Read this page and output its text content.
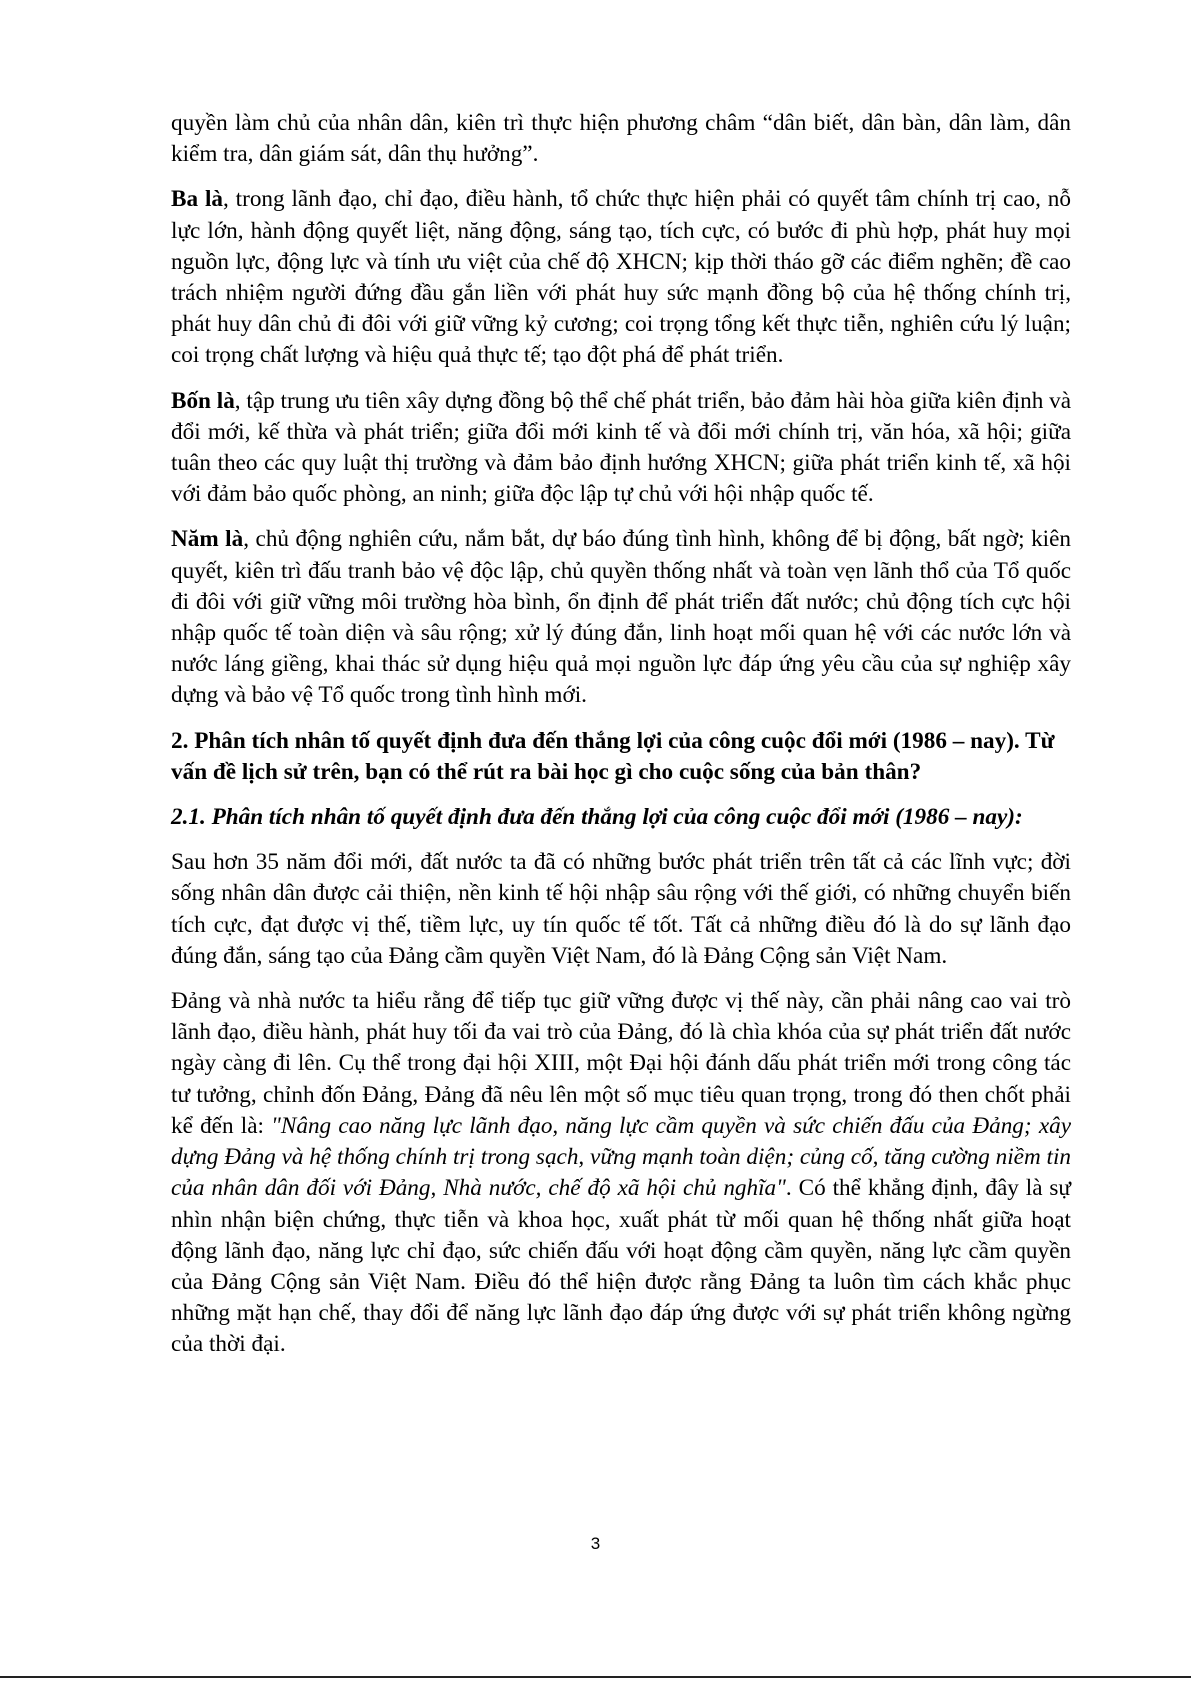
quyền làm chủ của nhân dân, kiên trì thực hiện phương châm “dân biết, dân bàn, dân làm, dân kiểm tra, dân giám sát, dân thụ hưởng”.

Ba là, trong lãnh đạo, chỉ đạo, điều hành, tổ chức thực hiện phải có quyết tâm chính trị cao, nỗ lực lớn, hành động quyết liệt, năng động, sáng tạo, tích cực, có bước đi phù hợp, phát huy mọi nguồn lực, động lực và tính ưu việt của chế độ XHCN; kịp thời tháo gỡ các điểm nghẽn; đề cao trách nhiệm người đứng đầu gắn liền với phát huy sức mạnh đồng bộ của hệ thống chính trị, phát huy dân chủ đi đôi với giữ vững kỷ cương; coi trọng tổng kết thực tiễn, nghiên cứu lý luận; coi trọng chất lượng và hiệu quả thực tế; tạo đột phá để phát triển.

Bốn là, tập trung ưu tiên xây dựng đồng bộ thể chế phát triển, bảo đảm hài hòa giữa kiên định và đổi mới, kế thừa và phát triển; giữa đổi mới kinh tế và đổi mới chính trị, văn hóa, xã hội; giữa tuân theo các quy luật thị trường và đảm bảo định hướng XHCN; giữa phát triển kinh tế, xã hội với đảm bảo quốc phòng, an ninh; giữa độc lập tự chủ với hội nhập quốc tế.

Năm là, chủ động nghiên cứu, nắm bắt, dự báo đúng tình hình, không để bị động, bất ngờ; kiên quyết, kiên trì đấu tranh bảo vệ độc lập, chủ quyền thống nhất và toàn vẹn lãnh thổ của Tổ quốc đi đôi với giữ vững môi trường hòa bình, ổn định để phát triển đất nước; chủ động tích cực hội nhập quốc tế toàn diện và sâu rộng; xử lý đúng đắn, linh hoạt mối quan hệ với các nước lớn và nước láng giềng, khai thác sử dụng hiệu quả mọi nguồn lực đáp ứng yêu cầu của sự nghiệp xây dựng và bảo vệ Tổ quốc trong tình hình mới.

2. Phân tích nhân tố quyết định đưa đến thắng lợi của công cuộc đổi mới (1986 – nay). Từ vấn đề lịch sử trên, bạn có thể rút ra bài học gì cho cuộc sống của bản thân?

2.1. Phân tích nhân tố quyết định đưa đến thắng lợi của công cuộc đổi mới (1986 – nay):

Sau hơn 35 năm đổi mới, đất nước ta đã có những bước phát triển trên tất cả các lĩnh vực; đời sống nhân dân được cải thiện, nền kinh tế hội nhập sâu rộng với thế giới, có những chuyển biến tích cực, đạt được vị thế, tiềm lực, uy tín quốc tế tốt. Tất cả những điều đó là do sự lãnh đạo đúng đắn, sáng tạo của Đảng cầm quyền Việt Nam, đó là Đảng Cộng sản Việt Nam.

Đảng và nhà nước ta hiểu rằng để tiếp tục giữ vững được vị thế này, cần phải nâng cao vai trò lãnh đạo, điều hành, phát huy tối đa vai trò của Đảng, đó là chìa khóa của sự phát triển đất nước ngày càng đi lên. Cụ thể trong đại hội XIII, một Đại hội đánh dấu phát triển mới trong công tác tư tưởng, chỉnh đốn Đảng, Đảng đã nêu lên một số mục tiêu quan trọng, trong đó then chốt phải kể đến là: "Nâng cao năng lực lãnh đạo, năng lực cầm quyền và sức chiến đấu của Đảng; xây dựng Đảng và hệ thống chính trị trong sạch, vững mạnh toàn diện; củng cố, tăng cường niềm tin của nhân dân đối với Đảng, Nhà nước, chế độ xã hội chủ nghĩa". Có thể khẳng định, đây là sự nhìn nhận biện chứng, thực tiễn và khoa học, xuất phát từ mối quan hệ thống nhất giữa hoạt động lãnh đạo, năng lực chỉ đạo, sức chiến đấu với hoạt động cầm quyền, năng lực cầm quyền của Đảng Cộng sản Việt Nam. Điều đó thể hiện được rằng Đảng ta luôn tìm cách khắc phục những mặt hạn chế, thay đổi để năng lực lãnh đạo đáp ứng được với sự phát triển không ngừng của thời đại.

3
